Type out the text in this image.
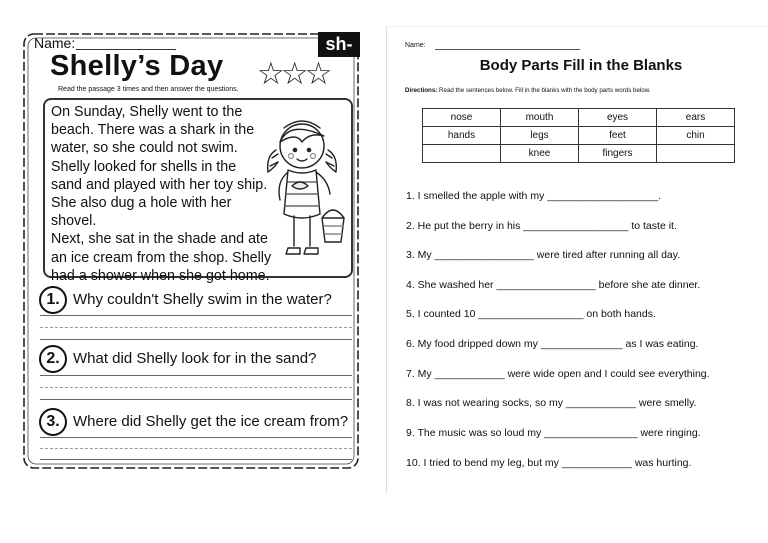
Name:	sh-
Shelly’s Day ☆☆☆
Read the passage 3 times and then answer the questions.
On Sunday, Shelly went to the
beach. There was a shark in the
water, so she could not swim.
Shelly looked for shells in the
sand and played with her toy ship.
She also dug a hole with her shovel.
Next, she sat in the shade and ate
an ice cream from the shop. Shelly
had a shower when she got home.
1. Why couldn't Shelly swim in the water?
2. What did Shelly look for in the sand?
3. Where did Shelly get the ice cream from?
Name:
Body Parts Fill in the Blanks
Directions: Read the sentences below. Fill in the blanks with the body parts words below.
nose	mouth	eyes	ears
hands	legs	feet	chin
	knee	fingers	
1. I smelled the apple with my ___________________.
2. He put the berry in his __________________ to taste it.
3. My _________________ were tired after running all day.
4. She washed her _________________ before she ate dinner.
5. I counted 10 __________________ on both hands.
6. My food dripped down my ______________ as I was eating.
7. My ____________ were wide open and I could see everything.
8. I was not wearing socks, so my ____________ were smelly.
9. The music was so loud my ________________ were ringing.
10. I tried to bend my leg, but my ____________ was hurting.
